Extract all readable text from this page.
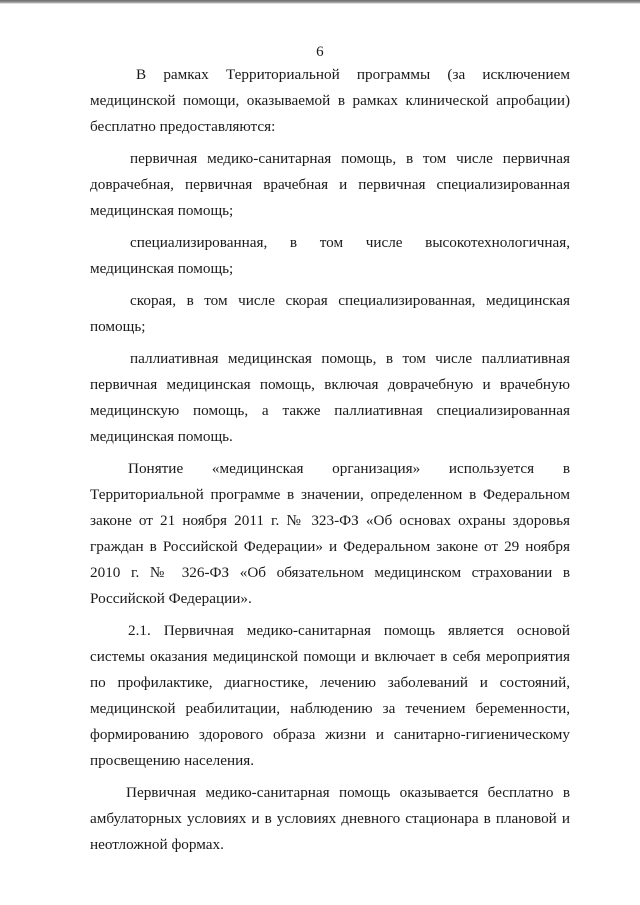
6

В рамках Территориальной программы (за исключением медицинской помощи, оказываемой в рамках клинической апробации) бесплатно предоставляются:

первичная медико-санитарная помощь, в том числе первичная доврачебная, первичная врачебная и первичная специализированная медицинская помощь;

специализированная, в том числе высокотехнологичная, медицинская помощь;

скорая, в том числе скорая специализированная, медицинская помощь;

паллиативная медицинская помощь, в том числе паллиативная первичная медицинская помощь, включая доврачебную и врачебную медицинскую помощь, а также паллиативная специализированная медицинская помощь.

Понятие «медицинская организация» используется в Территориальной программе в значении, определенном в Федеральном законе от 21 ноября 2011 г. № 323-ФЗ «Об основах охраны здоровья граждан в Российской Федерации» и Федеральном законе от 29 ноября 2010 г. № 326-ФЗ «Об обязательном медицинском страховании в Российской Федерации».

2.1. Первичная медико-санитарная помощь является основой системы оказания медицинской помощи и включает в себя мероприятия по профилактике, диагностике, лечению заболеваний и состояний, медицинской реабилитации, наблюдению за течением беременности, формированию здорового образа жизни и санитарно-гигиеническому просвещению населения.

Первичная медико-санитарная помощь оказывается бесплатно в амбулаторных условиях и в условиях дневного стационара в плановой и неотложной формах.
